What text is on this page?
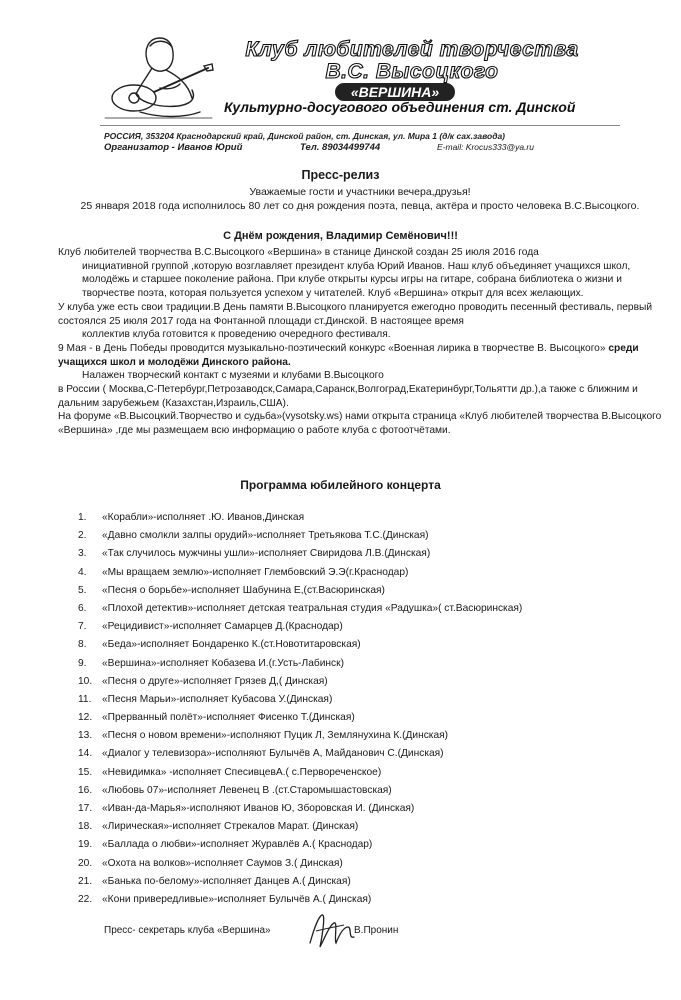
Клуб любителей творчества
В.С. Высоцкого
«ВЕРШИНА»
Культурно-досугового объединения ст. Динской
РОССИЯ, 353204 Краснодарский край, Динской район, ст. Динская, ул. Мира 1 (д/к сах.завода)
Организатор - Иванов Юрий	Тел. 89034499744	E-mail: Krocus333@ya.ru
Пресс-релиз
Уважаемые гости и участники вечера,друзья!
25 января 2018 года исполнилось 80 лет со дня рождения поэта, певца, актёра и просто человека В.С.Высоцкого.
С Днём рождения, Владимир Семёнович!!!

Клуб любителей творчества В.С.Высоцкого «Вершина» в станице Динской создан 25 июля 2016 года

инициативной группой ,которую возглавляет президент клуба Юрий Иванов. Наш клуб объединяет учащихся школ, молодёжь и старшее поколение района. При клубе открыты курсы игры на гитаре, собрана библиотека о жизни и творчестве поэта, которая пользуется успехом у читателей. Клуб «Вершина» открыт для всех желающих.

У клуба уже есть свои традиции.В День памяти В.Высоцкого планируется ежегодно проводить песенный фестиваль, первый состоялся 25 июля 2017 года на Фонтанной площади ст.Динской. В настоящее время

коллектив клуба готовится к проведению очередного фестиваля.

9 Мая - в День Победы проводится музыкально-поэтический конкурс «Военная лирика в творчестве В. Высоцкого» среди учащихся школ и молодёжи Динского района.

Налажен творческий контакт с музеями и клубами В.Высоцкого

в России ( Москва,С-Петербург,Петрозаводск,Самара,Саранск,Волгоград,Екатеринбург,Тольятти др.),а также с ближним и дальним зарубежьем (Казахстан,Израиль,США).

На форуме «В.Высоцкий.Творчество и судьба»(vysotsky.ws) нами открыта страница «Клуб любителей творчества В.Высоцкого «Вершина» ,где мы размещаем всю информацию о работе клуба с фотоотчётами.

Программа юбилейного концерта
1.	«Корабли»-исполняет .Ю. Иванов,Динская
2.	«Давно смолкли залпы орудий»-исполняет Третьякова Т.С.(Динская)
3.	«Так случилось мужчины ушли»-исполняет Свиридова Л.В.(Динская)
4.	«Мы вращаем землю»-исполняет Глембовский Э.Э(г.Краснодар)
5.	«Песня о борьбе»-исполняет Шабунина Е,(ст.Васюринская)
6.	«Плохой детектив»-исполняет детская театральная студия «Радушка»( ст.Васюринская)
7.	«Рецидивист»-исполняет Самарцев Д.(Краснодар)
8.	«Беда»-исполняет Бондаренко К.(ст.Новотитаровская)
9.	«Вершина»-исполняет Кобазева И.(г.Усть-Лабинск)
10. «Песня о друге»-исполняет Грязев Д,( Динская)
11.	«Песня Марьи»-исполняет Кубасова У.(Динская)
12. «Прерванный полёт»-исполняет Фисенко Т.(Динская)
13. «Песня о новом времени»-исполняют Пуцик Л, Землянухина К.(Динская)
14. «Диалог у телевизора»-исполняют Булычёв А, Майданович С.(Динская)
15. «Невидимка» -исполняет СпесивцевА.( с.Первореченское)
16. «Любовь 07»-исполняет Левенец В .(ст.Старомышастовская)
17. «Иван-да-Марья»-исполняют Иванов Ю, Зборовская И. (Динская)
18. «Лирическая»-исполняет Стрекалов Марат. (Динская)
19. «Баллада о любви»-исполняет Журавлёв А.( Краснодар)
20. «Охота на волков»-исполняет Саумов З.( Динская)
21. «Банька по-белому»-исполняет Данцев А.( Динская)
22. «Кони привередливые»-исполняет Булычёв А.( Динская)
Пресс- секретарь клуба «Вершина»	В.Пронин
